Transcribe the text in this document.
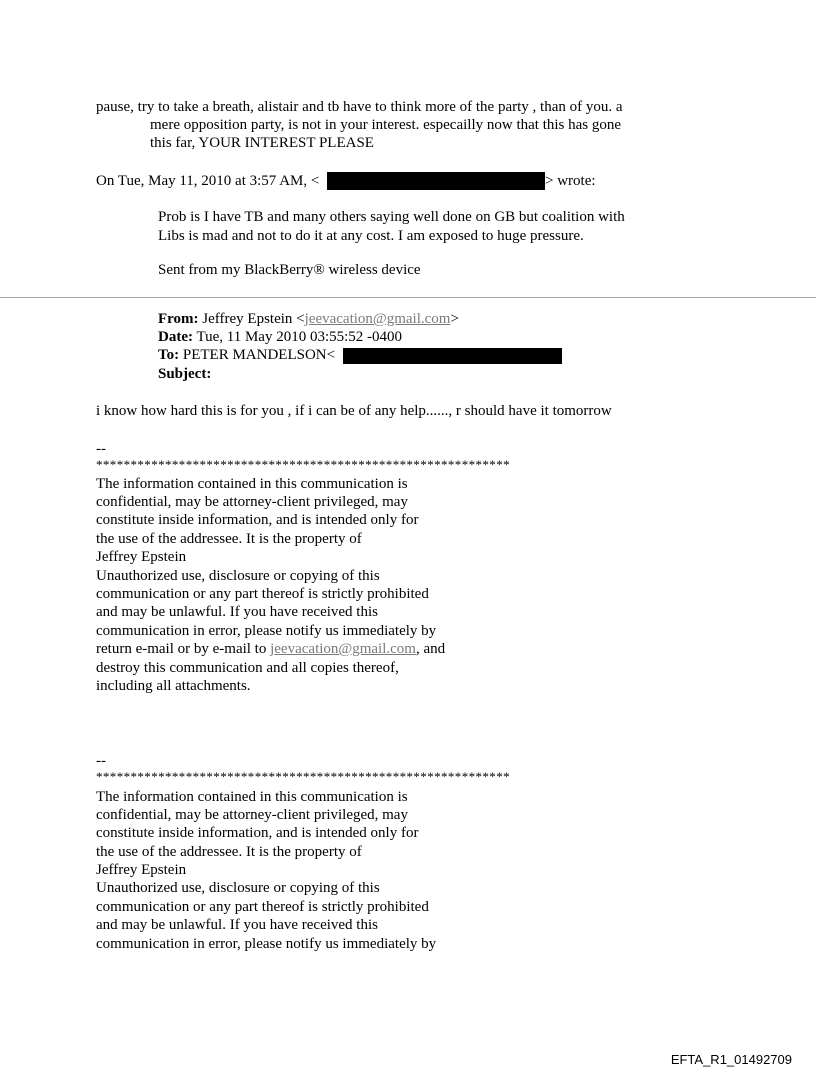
pause, try to take a breath, alistair and tb have to think more of the party , than of you. a
mere opposition party, is not in your interest. especailly now that this has gone
this far, YOUR INTEREST PLEASE
On Tue, May 11, 2010 at 3:57 AM, <	> wrote:
Prob is I have TB and many others saying well done on GB but coalition with
Libs is mad and not to do it at any cost. I am exposed to huge pressure.
Sent from my BlackBerry® wireless device
From: Jeffrey Epstein <jeevacation@gmail.com>
Date: Tue, 11 May 2010 03:55:52 -0400
To: PETER MANDELSON<
Subject:
i know how hard this is for you , if i can be of any help......, r should have it tomorrow
--
************************************************************
The information contained in this communication is
confidential, may be attorney-client privileged, may
constitute inside information, and is intended only for
the use of the addressee. It is the property of
Jeffrey Epstein
Unauthorized use, disclosure or copying of this
communication or any part thereof is strictly prohibited
and may be unlawful. If you have received this
communication in error, please notify us immediately by
return e-mail or by e-mail to jeevacation@gmail.com, and
destroy this communication and all copies thereof,
including all attachments.
--
************************************************************
The information contained in this communication is
confidential, may be attorney-client privileged, may
constitute inside information, and is intended only for
the use of the addressee. It is the property of
Jeffrey Epstein
Unauthorized use, disclosure or copying of this
communication or any part thereof is strictly prohibited
and may be unlawful. If you have received this
communication in error, please notify us immediately by
EFTA_R1_01492709
